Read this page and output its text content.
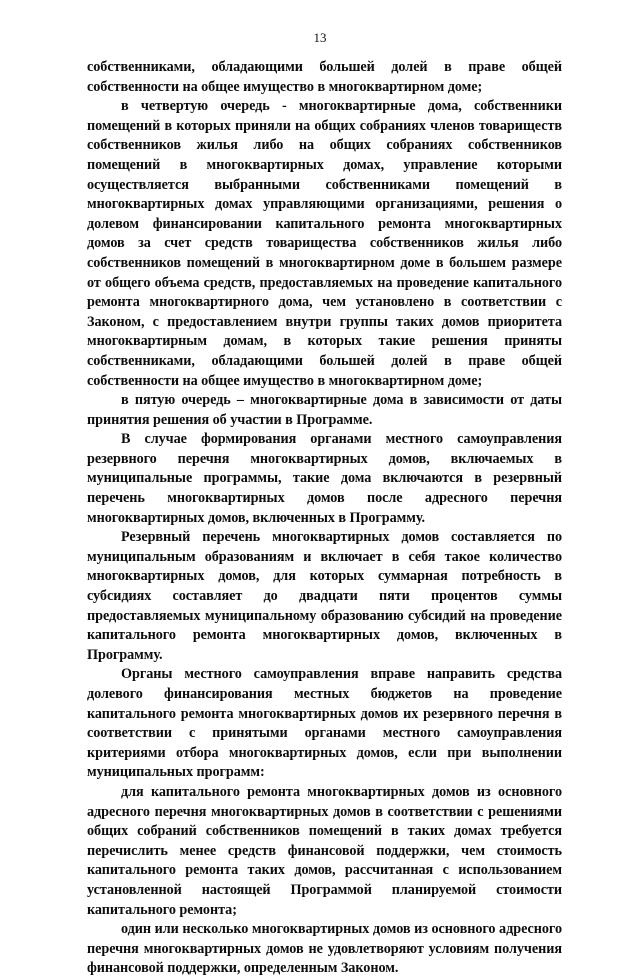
13

собственниками, обладающими большей долей в праве общей собственности на общее имущество в многоквартирном доме;

в четвертую очередь - многоквартирные дома, собственники помещений в которых приняли на общих собраниях членов товариществ собственников жилья либо на общих собраниях собственников помещений в многоквартирных домах, управление которыми осуществляется выбранными собственниками помещений в многоквартирных домах управляющими организациями, решения о долевом финансировании капитального ремонта многоквартирных домов за счет средств товарищества собственников жилья либо собственников помещений в многоквартирном доме в большем размере от общего объема средств, предоставляемых на проведение капитального ремонта многоквартирного дома, чем установлено в соответствии с Законом, с предоставлением внутри группы таких домов приоритета многоквартирным домам, в которых такие решения приняты собственниками, обладающими большей долей в праве общей собственности на общее имущество в многоквартирном доме;

в пятую очередь – многоквартирные дома в зависимости от даты принятия решения об участии в Программе.

В случае формирования органами местного самоуправления резервного перечня многоквартирных домов, включаемых в муниципальные программы, такие дома включаются в резервный перечень многоквартирных домов после адресного перечня многоквартирных домов, включенных в Программу.

Резервный перечень многоквартирных домов составляется по муниципальным образованиям и включает в себя такое количество многоквартирных домов, для которых суммарная потребность в субсидиях составляет до двадцати пяти процентов суммы предоставляемых муниципальному образованию субсидий на проведение капитального ремонта многоквартирных домов, включенных в Программу.

Органы местного самоуправления вправе направить средства долевого финансирования местных бюджетов на проведение капитального ремонта многоквартирных домов их резервного перечня в соответствии с принятыми органами местного самоуправления критериями отбора многоквартирных домов, если при выполнении муниципальных программ:

для капитального ремонта многоквартирных домов из основного адресного перечня многоквартирных домов в соответствии с решениями общих собраний собственников помещений в таких домах требуется перечислить менее средств финансовой поддержки, чем стоимость капитального ремонта таких домов, рассчитанная с использованием установленной настоящей Программой планируемой стоимости капитального ремонта;

один или несколько многоквартирных домов из основного адресного перечня многоквартирных домов не удовлетворяют условиям получения финансовой поддержки, определенным Законом.
